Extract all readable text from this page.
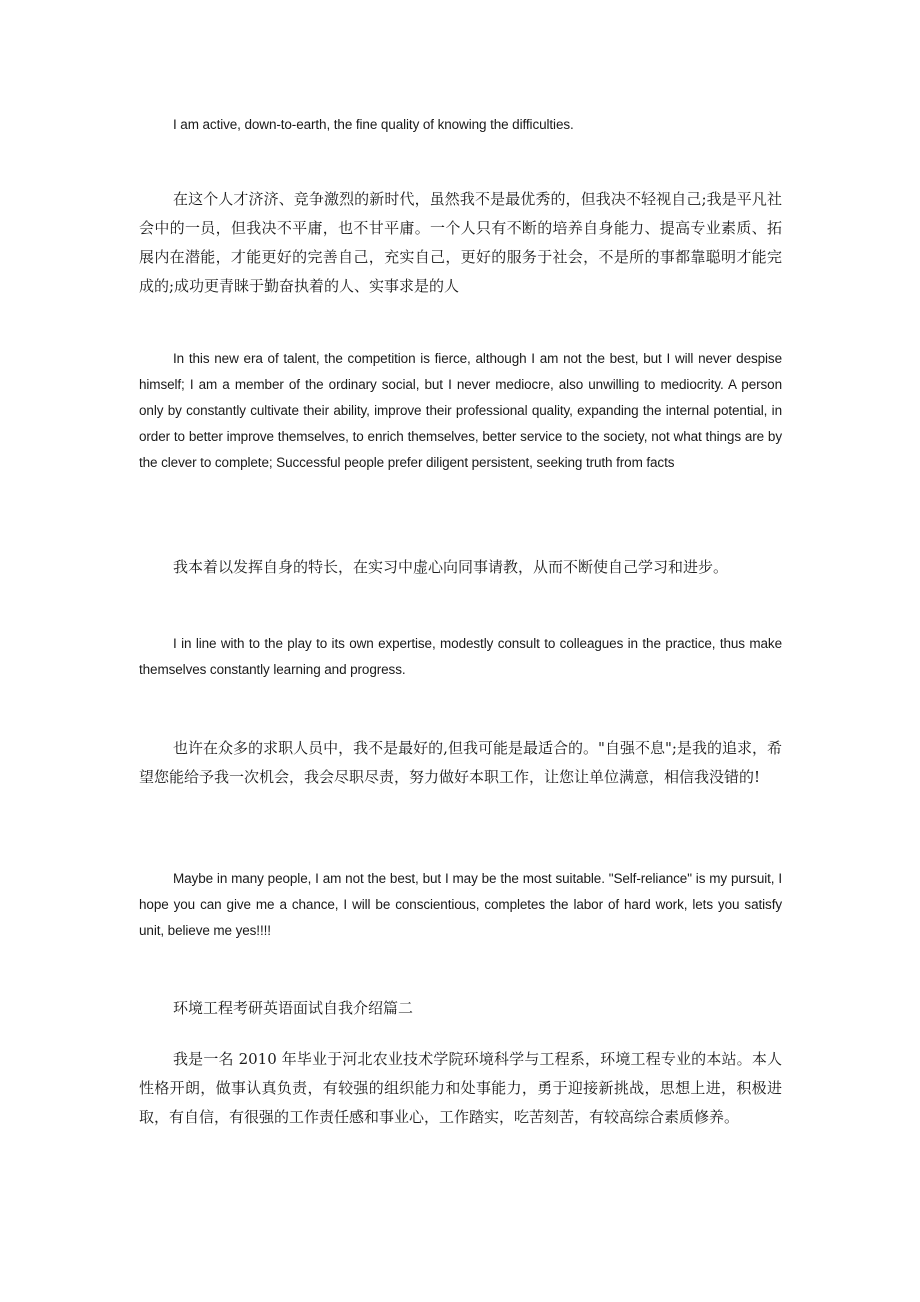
I am active, down-to-earth, the fine quality of knowing the difficulties.

在这个人才济济、竞争激烈的新时代，虽然我不是最优秀的，但我决不轻视自己;我是平凡社会中的一员，但我决不平庸，也不甘平庸。一个人只有不断的培养自身能力、提高专业素质、拓展内在潜能，才能更好的完善自己，充实自己，更好的服务于社会，不是所的事都靠聪明才能完成的;成功更青睐于勤奋执着的人、实事求是的人

In this new era of talent, the competition is fierce, although I am not the best, but I will never despise himself; I am a member of the ordinary social, but I never mediocre, also unwilling to mediocrity. A person only by constantly cultivate their ability, improve their professional quality, expanding the internal potential, in order to better improve themselves, to enrich themselves, better service to the society, not what things are by the clever to complete; Successful people prefer diligent persistent, seeking truth from facts

我本着以发挥自身的特长，在实习中虚心向同事请教，从而不断使自己学习和进步。

I in line with to the play to its own expertise, modestly consult to colleagues in the practice, thus make themselves constantly learning and progress.

也许在众多的求职人员中，我不是最好的,但我可能是最适合的。"自强不息";是我的追求，希望您能给予我一次机会，我会尽职尽责，努力做好本职工作，让您让单位满意，相信我没错的!

Maybe in many people, I am not the best, but I may be the most suitable. "Self-reliance" is my pursuit, I hope you can give me a chance, I will be conscientious, completes the labor of hard work, lets you satisfy unit, believe me yes!!!!

环境工程考研英语面试自我介绍篇二

我是一名 2010 年毕业于河北农业技术学院环境科学与工程系，环境工程专业的本站。本人性格开朗，做事认真负责，有较强的组织能力和处事能力，勇于迎接新挑战，思想上进，积极进取，有自信，有很强的工作责任感和事业心，工作踏实，吃苦刻苦，有较高综合素质修养。
